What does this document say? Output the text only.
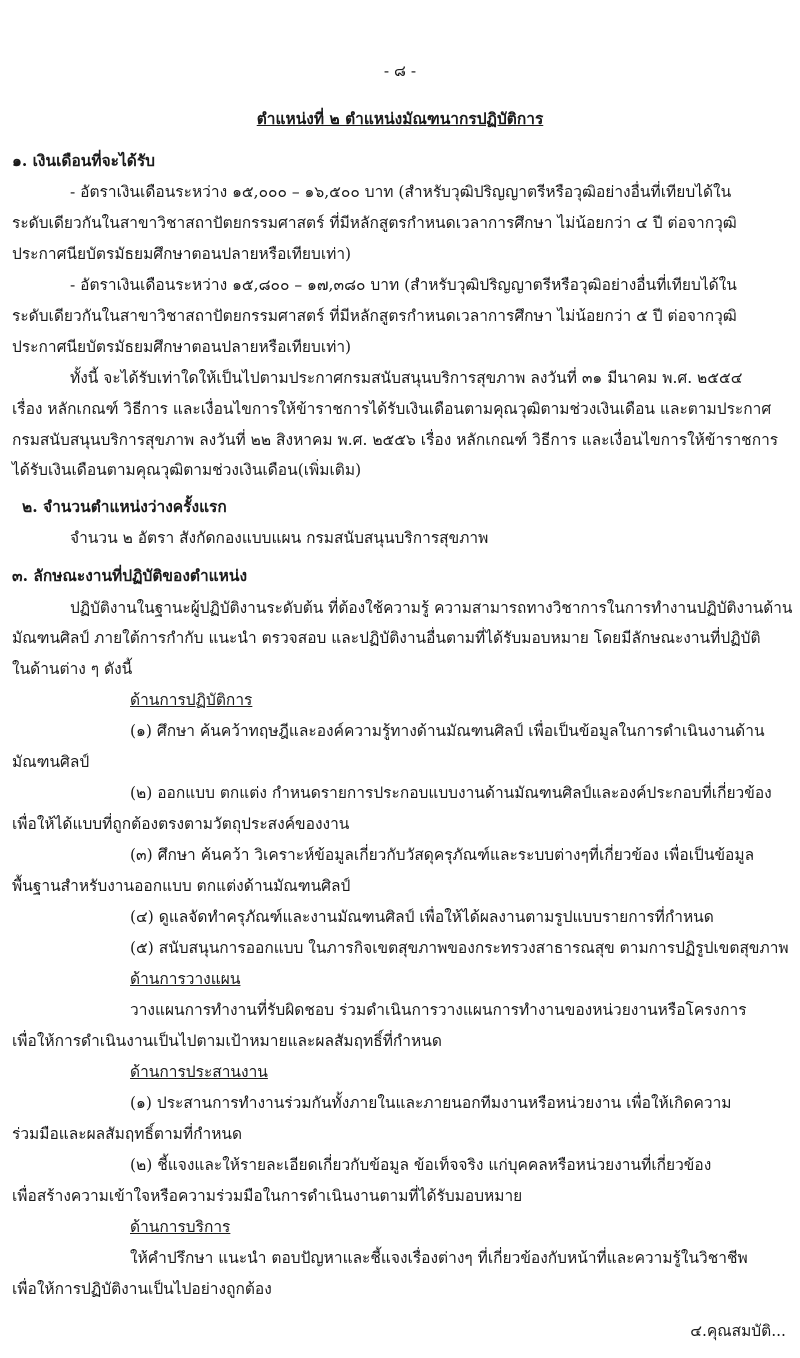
- ๘ -
ตำแหน่งที่ ๒ ตำแหน่งมัณฑนากรปฏิบัติการ
๑. เงินเดือนที่จะได้รับ
- อัตราเงินเดือนระหว่าง ๑๕,๐๐๐ – ๑๖,๕๐๐ บาท (สำหรับวุฒิปริญญาตรีหรือวุฒิอย่างอื่นที่เทียบได้ใน
ระดับเดียวกันในสาขาวิชาสถาปัตยกรรมศาสตร์ ที่มีหลักสูตรกำหนดเวลาการศึกษา ไม่น้อยกว่า ๔ ปี ต่อจากวุฒิ
ประกาศนียบัตรมัธยมศึกษาตอนปลายหรือเทียบเท่า)
- อัตราเงินเดือนระหว่าง ๑๕,๘๐๐ – ๑๗,๓๘๐ บาท (สำหรับวุฒิปริญญาตรีหรือวุฒิอย่างอื่นที่เทียบได้ใน
ระดับเดียวกันในสาขาวิชาสถาปัตยกรรมศาสตร์ ที่มีหลักสูตรกำหนดเวลาการศึกษา ไม่น้อยกว่า ๕ ปี ต่อจากวุฒิ
ประกาศนียบัตรมัธยมศึกษาตอนปลายหรือเทียบเท่า)
ทั้งนี้ จะได้รับเท่าใดให้เป็นไปตามประกาศกรมสนับสนุนบริการสุขภาพ ลงวันที่ ๓๑ มีนาคม พ.ศ. ๒๕๕๔
เรื่อง หลักเกณฑ์ วิธีการ และเงื่อนไขการให้ข้าราชการได้รับเงินเดือนตามคุณวุฒิตามช่วงเงินเดือน และตามประกาศ
กรมสนับสนุนบริการสุขภาพ ลงวันที่ ๒๒ สิงหาคม พ.ศ. ๒๕๕๖ เรื่อง หลักเกณฑ์ วิธีการ และเงื่อนไขการให้ข้าราชการ
ได้รับเงินเดือนตามคุณวุฒิตามช่วงเงินเดือน(เพิ่มเติม)
๒. จำนวนตำแหน่งว่างครั้งแรก
จำนวน ๒ อัตรา สังกัดกองแบบแผน กรมสนับสนุนบริการสุขภาพ
๓. ลักษณะงานที่ปฏิบัติของตำแหน่ง
ปฏิบัติงานในฐานะผู้ปฏิบัติงานระดับต้น ที่ต้องใช้ความรู้ ความสามารถทางวิชาการในการทำงานปฏิบัติงานด้าน
มัณฑนศิลป์ ภายใต้การกำกับ แนะนำ ตรวจสอบ และปฏิบัติงานอื่นตามที่ได้รับมอบหมาย โดยมีลักษณะงานที่ปฏิบัติ
ในด้านต่าง ๆ ดังนี้
ด้านการปฏิบัติการ
(๑) ศึกษา ค้นคว้าทฤษฎีและองค์ความรู้ทางด้านมัณฑนศิลป์ เพื่อเป็นข้อมูลในการดำเนินงานด้าน
มัณฑนศิลป์
(๒) ออกแบบ ตกแต่ง กำหนดรายการประกอบแบบงานด้านมัณฑนศิลป์และองค์ประกอบที่เกี่ยวข้อง
เพื่อให้ได้แบบที่ถูกต้องตรงตามวัตถุประสงค์ของงาน
(๓) ศึกษา ค้นคว้า วิเคราะห์ข้อมูลเกี่ยวกับวัสดุครุภัณฑ์และระบบต่างๆที่เกี่ยวข้อง เพื่อเป็นข้อมูล
พื้นฐานสำหรับงานออกแบบ ตกแต่งด้านมัณฑนศิลป์
(๔) ดูแลจัดทำครุภัณฑ์และงานมัณฑนศิลป์ เพื่อให้ได้ผลงานตามรูปแบบรายการที่กำหนด
(๕) สนับสนุนการออกแบบ ในภารกิจเขตสุขภาพของกระทรวงสาธารณสุข ตามการปฏิรูปเขตสุขภาพ
ด้านการวางแผน
วางแผนการทำงานที่รับผิดชอบ ร่วมดำเนินการวางแผนการทำงานของหน่วยงานหรือโครงการ
เพื่อให้การดำเนินงานเป็นไปตามเป้าหมายและผลสัมฤทธิ์ที่กำหนด
ด้านการประสานงาน
(๑) ประสานการทำงานร่วมกันทั้งภายในและภายนอกทีมงานหรือหน่วยงาน เพื่อให้เกิดความ
ร่วมมือและผลสัมฤทธิ์ตามที่กำหนด
(๒) ชี้แจงและให้รายละเอียดเกี่ยวกับข้อมูล ข้อเท็จจริง แก่บุคคลหรือหน่วยงานที่เกี่ยวข้อง
เพื่อสร้างความเข้าใจหรือความร่วมมือในการดำเนินงานตามที่ได้รับมอบหมาย
ด้านการบริการ
ให้คำปรึกษา แนะนำ ตอบปัญหาและชี้แจงเรื่องต่างๆ ที่เกี่ยวข้องกับหน้าที่และความรู้ในวิชาชีพ
เพื่อให้การปฏิบัติงานเป็นไปอย่างถูกต้อง
๔.คุณสมบัติ...
